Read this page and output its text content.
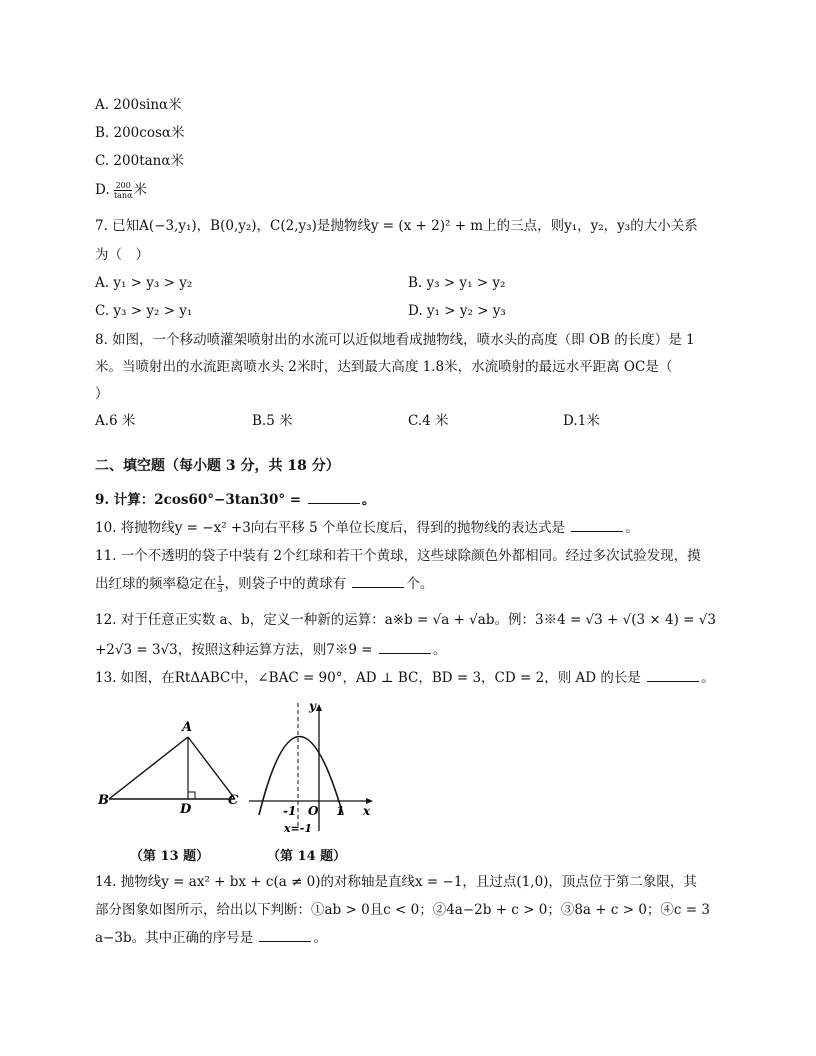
A. 200sinα米
B. 200cosα米
C. 200tanα米
D. $\frac{200}{\tan\alpha}$ 米
7. 已知A(−3,y₁)，B(0,y₂)，C(2,y₃)是抛物线y = (x + 2)² + m上的三点，则y₁，y₂，y₃的大小关系
为（　）
A. y₁ > y₃ > y₂	B. y₃ > y₁ > y₂
C. y₃ > y₂ > y₁	D. y₁ > y₂ > y₃
8. 如图，一个移动喷灌架喷射出的水流可以近似地看成抛物线，喷水头的高度（即 OB 的长度）是 1
米。当喷射出的水流距离喷水头 2米时，达到最大高度 1.8米，水流喷射的最远水平距离 OC是（
）
A.6 米	B.5 米	C.4 米	D.1米
二、填空题（每小题 3 分，共 18 分）
9. 计算：2cos60°−3tan30° =	。
10. 将抛物线y = −x² +3向右平移 5 个单位长度后，得到的抛物线的表达式是	。
11. 一个不透明的袋子中装有 2个红球和若干个黄球，这些球除颜色外都相同。经过多次试验发现，摸
出红球的频率稳定在 $\frac{1}{3}$ ，则袋子中的黄球有	个。
12. 对于任意正实数 a、b，定义一种新的运算：a※b = √a + √ab。例：3※4 = √3 + √(3 × 4) = √3
+2√3 = 3√3，按照这种运算方法，则7※9 =	。
13. 如图，在RtΔABC中，∠BAC = 90°，AD ⊥ BC，BD = 3，CD = 2，则 AD 的长是	。
A
B	C
D
y
x
O
-1	1
x=-1
（第 13 题）	（第 14 题）
14. 抛物线y = ax² + bx + c(a ≠ 0)的对称轴是直线x = −1，且过点(1,0)，顶点位于第二象限，其
部分图象如图所示，给出以下判断：①ab > 0且c < 0；②4a−2b + c > 0；③8a + c > 0；④c = 3
a−3b。其中正确的序号是	。
